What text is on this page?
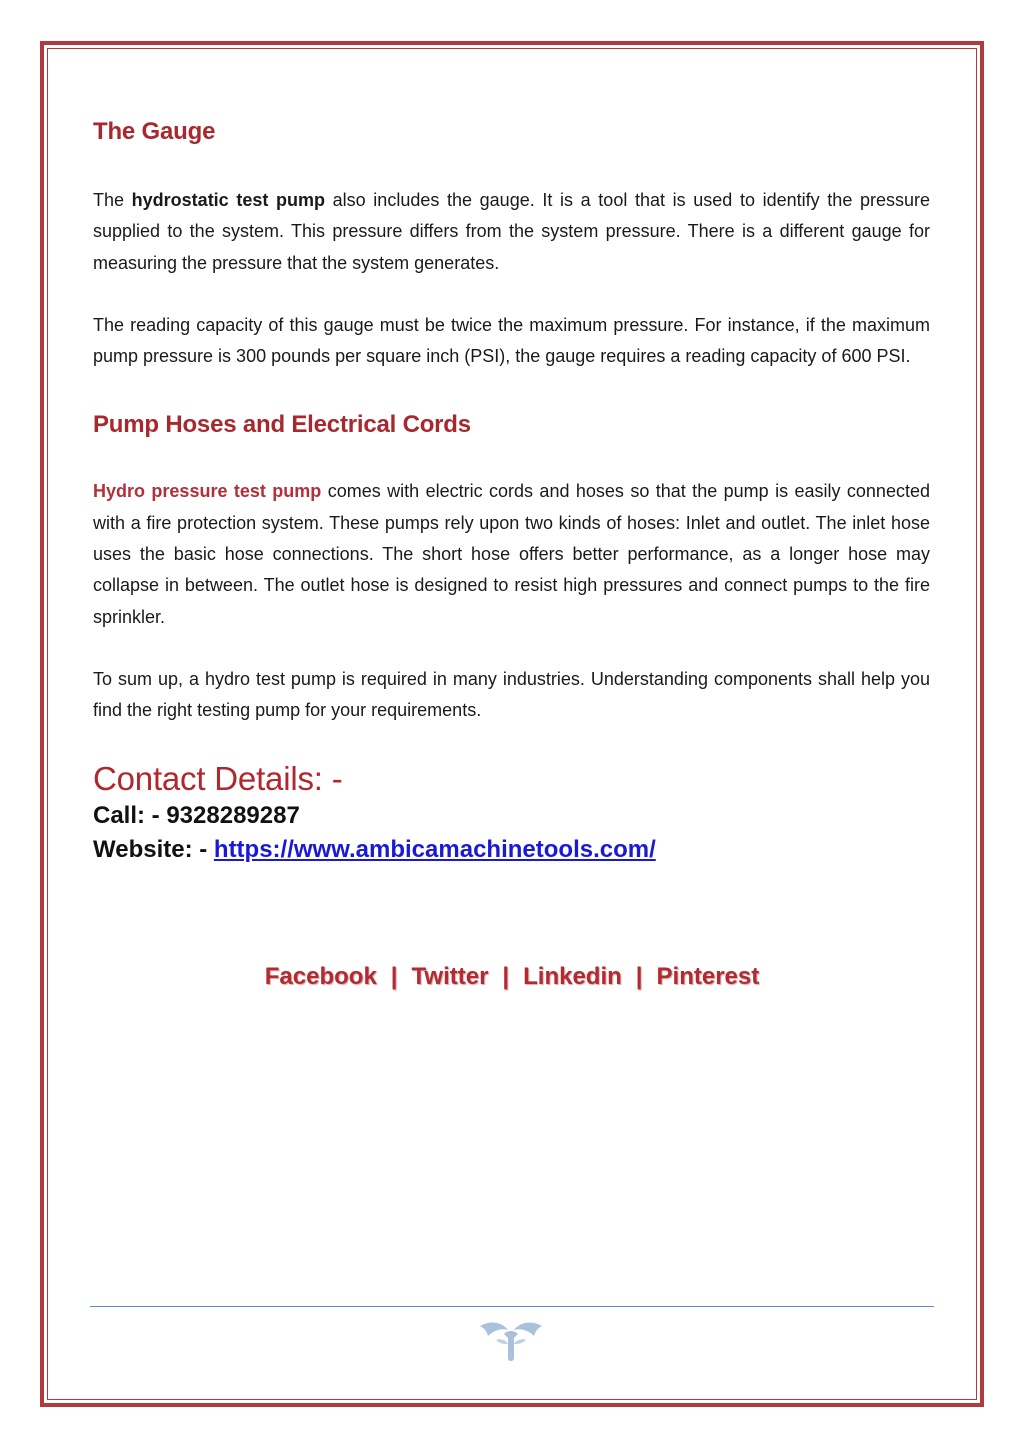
The Gauge

The hydrostatic test pump also includes the gauge. It is a tool that is used to identify the pressure supplied to the system. This pressure differs from the system pressure. There is a different gauge for measuring the pressure that the system generates.

The reading capacity of this gauge must be twice the maximum pressure. For instance, if the maximum pump pressure is 300 pounds per square inch (PSI), the gauge requires a reading capacity of 600 PSI.

Pump Hoses and Electrical Cords

Hydro pressure test pump comes with electric cords and hoses so that the pump is easily connected with a fire protection system. These pumps rely upon two kinds of hoses: Inlet and outlet. The inlet hose uses the basic hose connections. The short hose offers better performance, as a longer hose may collapse in between. The outlet hose is designed to resist high pressures and connect pumps to the fire sprinkler.

To sum up, a hydro test pump is required in many industries. Understanding components shall help you find the right testing pump for your requirements.

Contact Details: -

Call: - 9328289287

Website: - https://www.ambicamachinetools.com/

Facebook | Twitter | Linkedin | Pinterest
